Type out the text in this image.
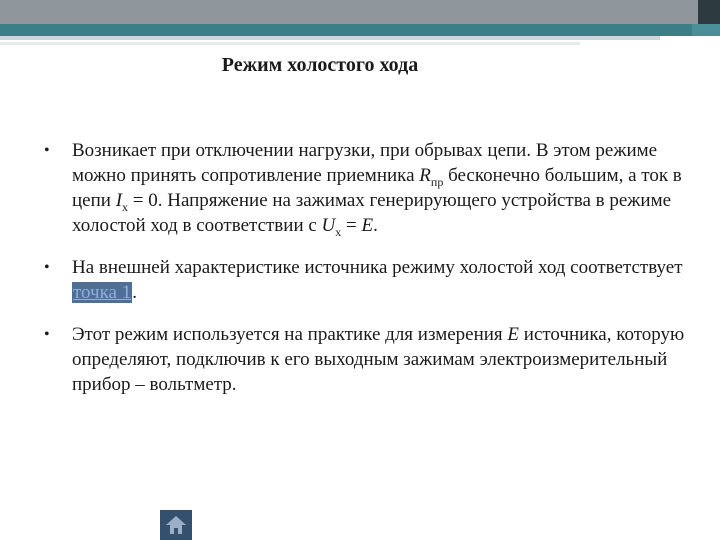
Режим холостого хода
• Возникает при отключении нагрузки, при обрывах цепи. В этом режиме можно принять сопротивление приемника $R_{пр}$ бесконечно большим, а ток в цепи $I_х = 0$. Напряжение на зажимах генерирующего устройства в режиме холостой ход в соответствии с $U_х = E$.
• На внешней характеристике источника режиму холостой ход соответствует точка 1.
• Этот режим используется на практике для измерения E источника, которую определяют, подключив к его выходным зажимам электроизмерительный прибор – вольтметр.
